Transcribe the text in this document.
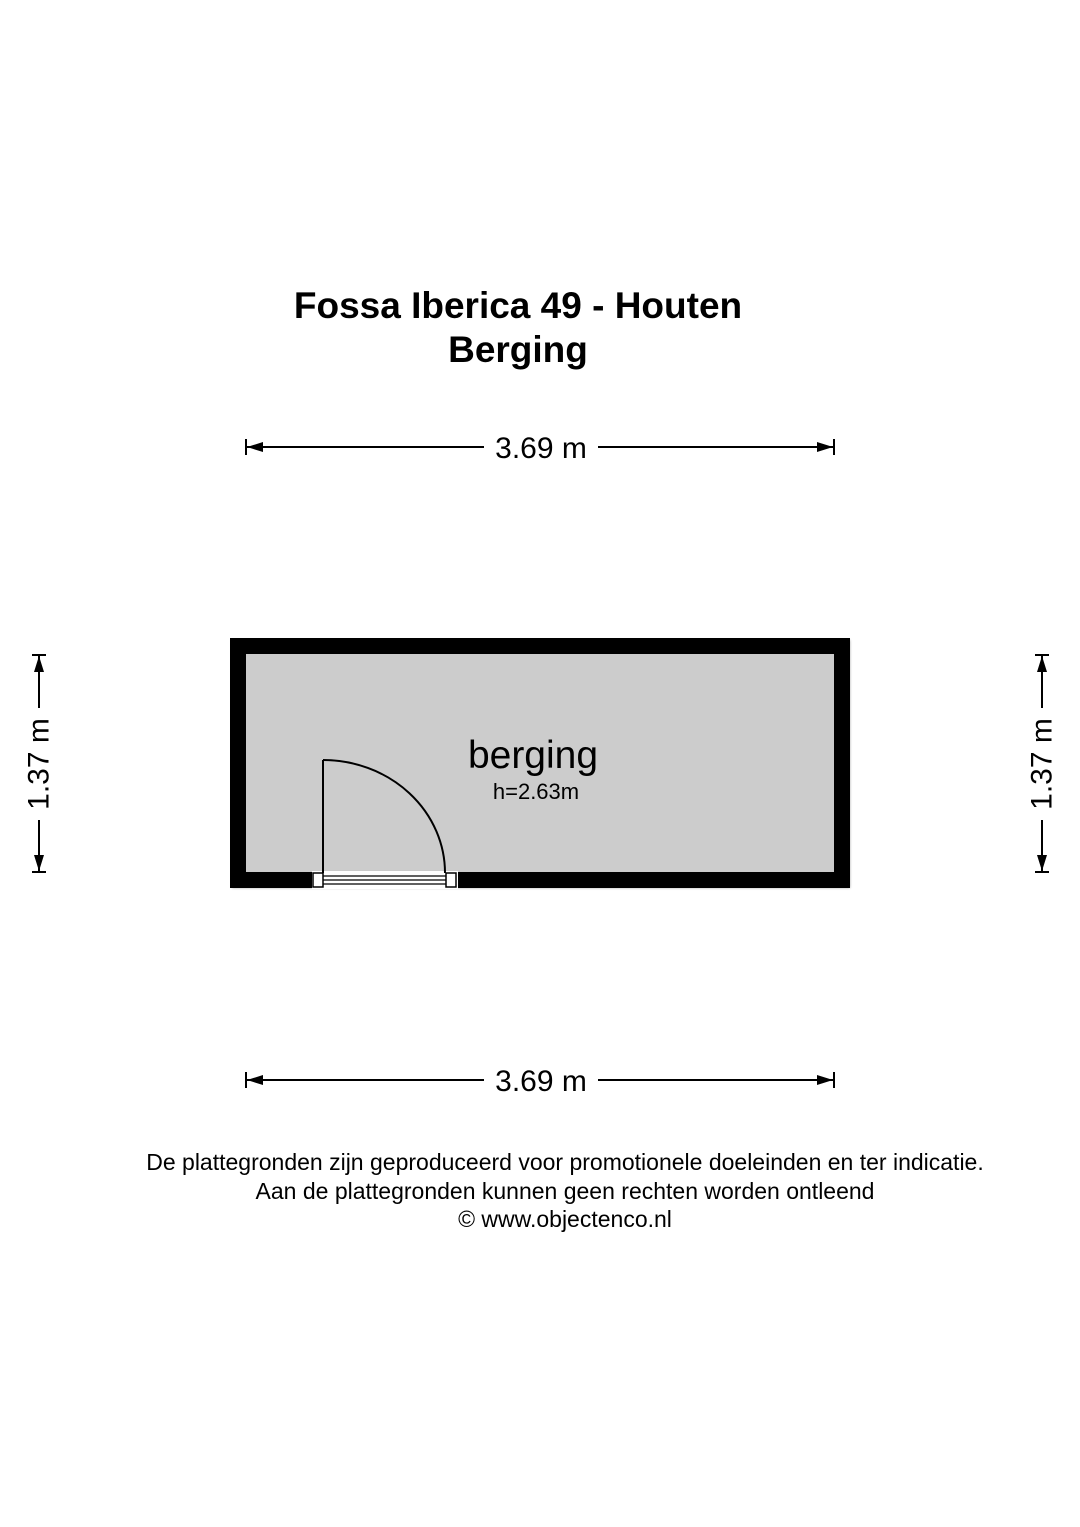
Fossa Iberica 49 - Houten
Berging
3.69 m
3.69 m
1.37 m	1.37 m
berging
h=2.63m
De plattegronden zijn geproduceerd voor promotionele doeleinden en ter indicatie.
Aan de plattegronden kunnen geen rechten worden ontleend
© www.objectenco.nl
